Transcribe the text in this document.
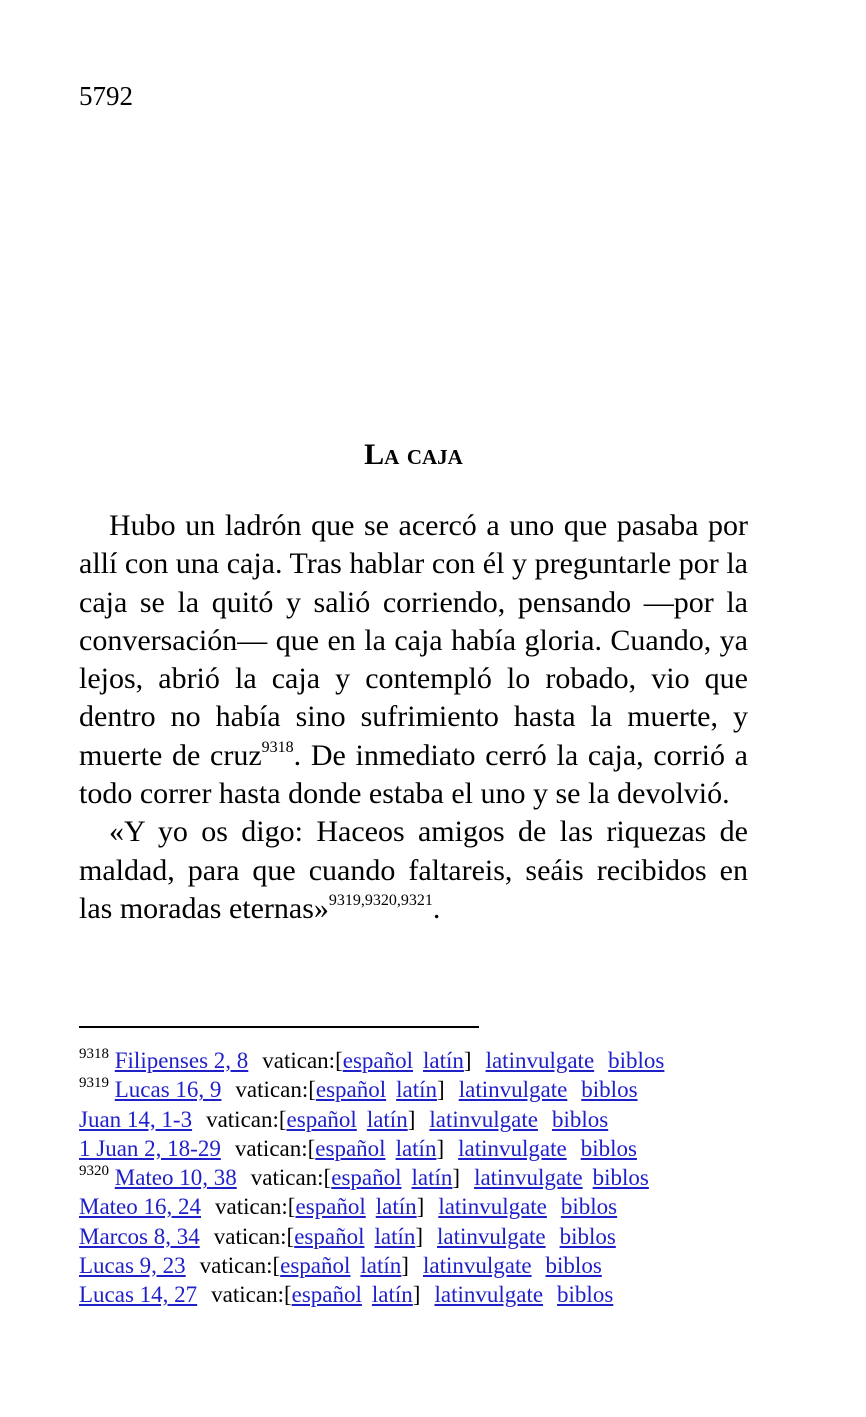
5792
La caja

Hubo un ladrón que se acercó a uno que pasaba por allí con una caja. Tras hablar con él y preguntarle por la caja se la quitó y salió corriendo, pensando —por la conversación— que en la caja había gloria. Cuando, ya lejos, abrió la caja y contempló lo robado, vio que dentro no había sino sufrimiento hasta la muerte, y muerte de cruz$^{9318}$. De inmediato cerró la caja, corrió a todo correr hasta donde estaba el uno y se la devolvió.

«Y yo os digo: Haceos amigos de las riquezas de maldad, para que cuando faltareis, seáis recibidos en las moradas eternas»$^{9319,9320,9321}$.

$^{9318}$ Filipenses 2, 8 vatican:[español latín] latinvulgate biblos
$^{9319}$ Lucas 16, 9 vatican:[español latín] latinvulgate biblos
Juan 14, 1-3 vatican:[español latín] latinvulgate biblos
1 Juan 2, 18-29 vatican:[español latín] latinvulgate biblos
$^{9320}$ Mateo 10, 38 vatican:[español latín] latinvulgate biblos
Mateo 16, 24 vatican:[español latín] latinvulgate biblos
Marcos 8, 34 vatican:[español latín] latinvulgate biblos
Lucas 9, 23 vatican:[español latín] latinvulgate biblos
Lucas 14, 27 vatican:[español latín] latinvulgate biblos
